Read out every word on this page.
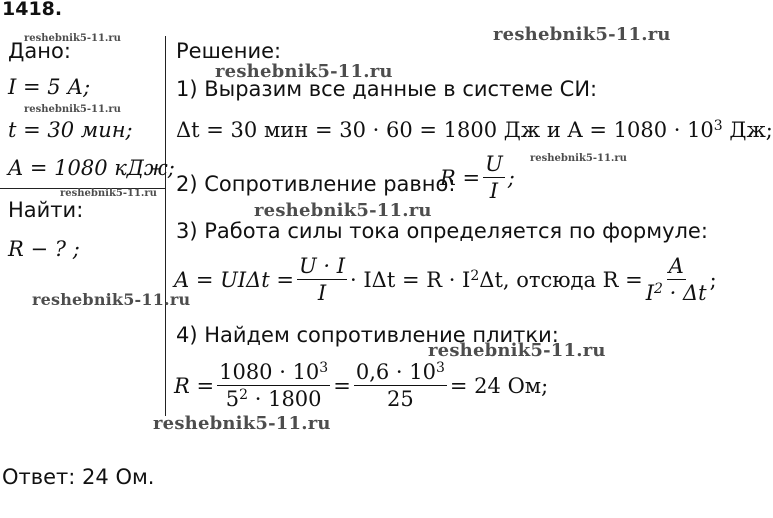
1418.
Дано:
I = 5 А;
t = 30 мин;
A = 1080 кДж;
Найти:
R − ? ;
Решение:
1) Выразим все данные в системе СИ:
Δt = 30 мин = 30 · 60 = 1800 Дж и $A = 1080 \cdot 10^3$ Дж;
2) Сопротивление равно:
$R = \frac{U}{I}$ ;
3) Работа силы тока определяется по формуле:
$A = UI\Delta t = \frac{U \cdot I}{I} \cdot I\Delta t = R \cdot I^2$ Δt, отсюда $R = \frac{A}{I^2 \cdot \Delta t}$ ;
4) Найдем сопротивление плитки:
$R = \frac{1080 \cdot 10^3}{5^2 \cdot 1800} = \frac{0,6 \cdot 10^3}{25} = 24$ Ом;
Ответ: 24 Ом.
reshebnik5-11.ru
reshebnik5-11.ru
reshebnik5-11.ru
reshebnik5-11.ru
reshebnik5-11.ru
reshebnik5-11.ru
reshebnik5-11.ru
reshebnik5-11.ru
reshebnik5-11.ru
reshebnik5-11.ru
